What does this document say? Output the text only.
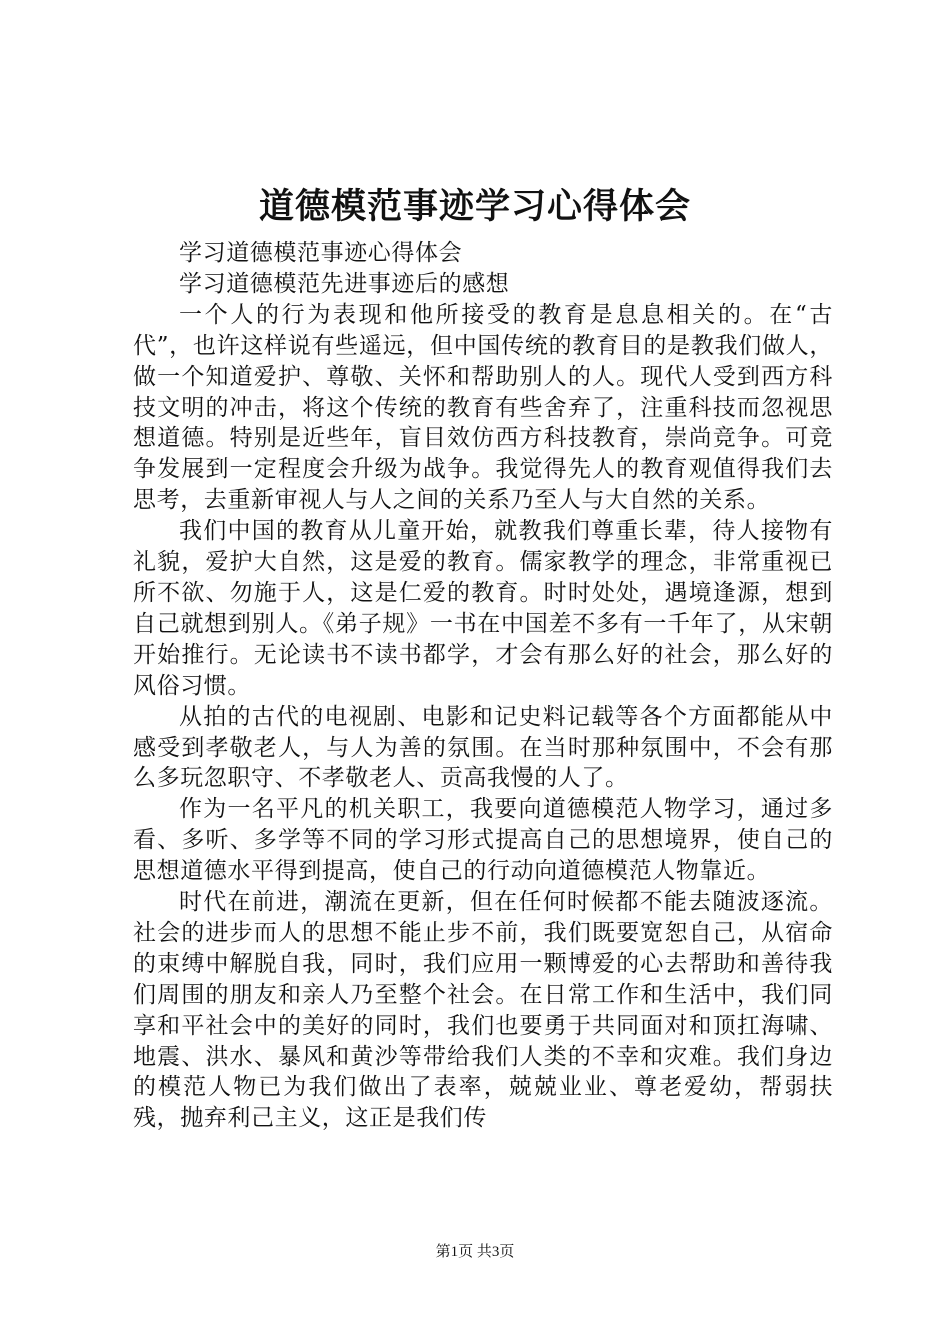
道德模范事迹学习心得体会

学习道德模范事迹心得体会

学习道德模范先进事迹后的感想

一个人的行为表现和他所接受的教育是息息相关的。在“古代”，也许这样说有些遥远，但中国传统的教育目的是教我们做人，做一个知道爱护、尊敬、关怀和帮助别人的人。现代人受到西方科技文明的冲击，将这个传统的教育有些舍弃了，注重科技而忽视思想道德。特别是近些年，盲目效仿西方科技教育，崇尚竞争。可竞争发展到一定程度会升级为战争。我觉得先人的教育观值得我们去思考，去重新审视人与人之间的关系乃至人与大自然的关系。

我们中国的教育从儿童开始，就教我们尊重长辈，待人接物有礼貌，爱护大自然，这是爱的教育。儒家教学的理念，非常重视已所不欲、勿施于人，这是仁爱的教育。时时处处，遇境逢源，想到自己就想到别人。《弟子规》一书在中国差不多有一千年了，从宋朝开始推行。无论读书不读书都学，才会有那么好的社会，那么好的风俗习惯。

从拍的古代的电视剧、电影和记史料记载等各个方面都能从中感受到孝敬老人，与人为善的氛围。在当时那种氛围中，不会有那么多玩忽职守、不孝敬老人、贡高我慢的人了。

作为一名平凡的机关职工，我要向道德模范人物学习，通过多看、多听、多学等不同的学习形式提高自己的思想境界，使自己的思想道德水平得到提高，使自己的行动向道德模范人物靠近。

时代在前进，潮流在更新，但在任何时候都不能去随波逐流。社会的进步而人的思想不能止步不前，我们既要宽恕自己，从宿命的束缚中解脱自我，同时，我们应用一颗博爱的心去帮助和善待我们周围的朋友和亲人乃至整个社会。在日常工作和生活中，我们同享和平社会中的美好的同时，我们也要勇于共同面对和顶扛海啸、地震、洪水、暴风和黄沙等带给我们人类的不幸和灾难。我们身边的模范人物已为我们做出了表率，兢兢业业、尊老爱幼，帮弱扶残，抛弃利己主义，这正是我们传

第1页 共3页
